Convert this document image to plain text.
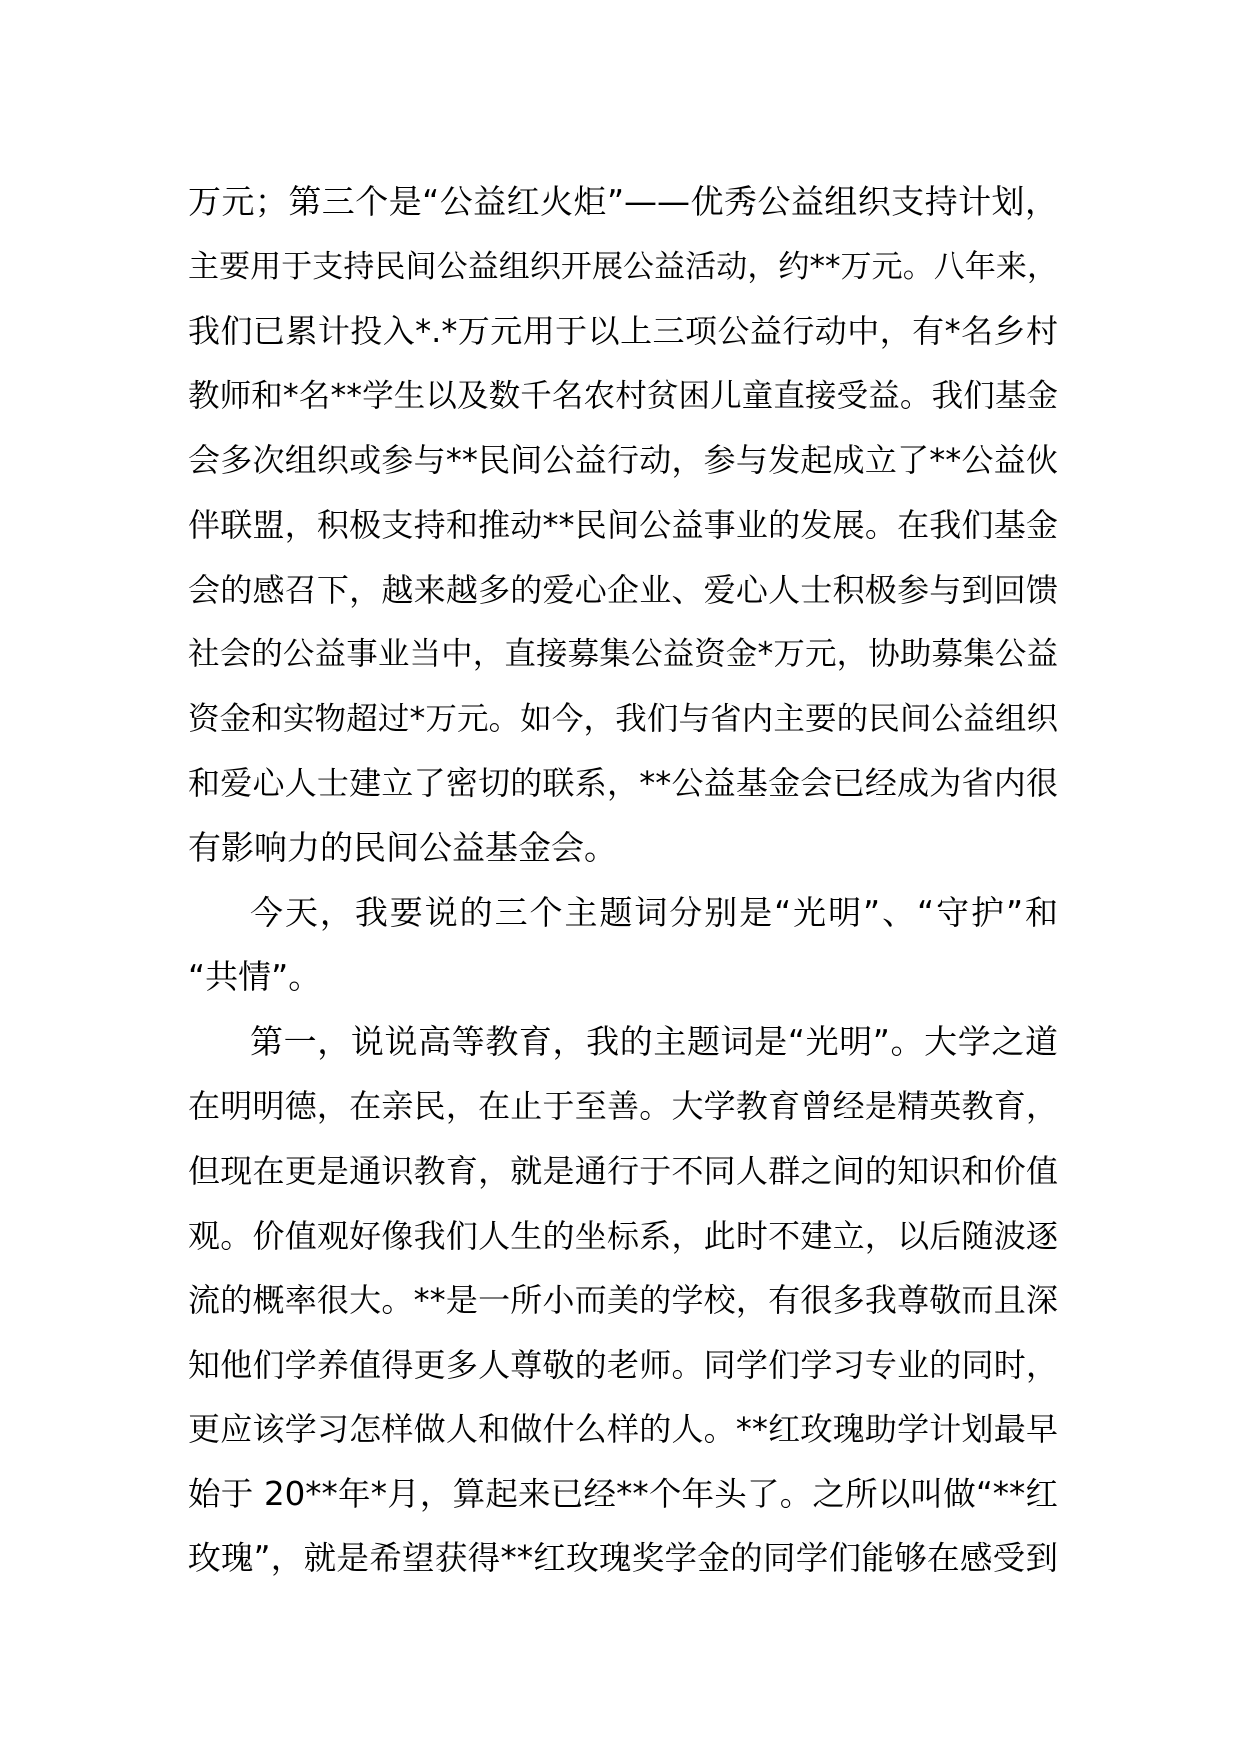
万元；第三个是“公益红火炬”——优秀公益组织支持计划，
主要用于支持民间公益组织开展公益活动，约**万元。八年来，
我们已累计投入*.*万元用于以上三项公益行动中，有*名乡村
教师和*名**学生以及数千名农村贫困儿童直接受益。我们基金
会多次组织或参与**民间公益行动，参与发起成立了**公益伙
伴联盟，积极支持和推动**民间公益事业的发展。在我们基金
会的感召下，越来越多的爱心企业、爱心人士积极参与到回馈
社会的公益事业当中，直接募集公益资金*万元，协助募集公益
资金和实物超过*万元。如今，我们与省内主要的民间公益组织
和爱心人士建立了密切的联系，**公益基金会已经成为省内很
有影响力的民间公益基金会。
今天，我要说的三个主题词分别是“光明”、“守护”和
“共情”。
第一，说说高等教育，我的主题词是“光明”。大学之道
在明明德，在亲民，在止于至善。大学教育曾经是精英教育，
但现在更是通识教育，就是通行于不同人群之间的知识和价值
观。价值观好像我们人生的坐标系，此时不建立，以后随波逐
流的概率很大。**是一所小而美的学校，有很多我尊敬而且深
知他们学养值得更多人尊敬的老师。同学们学习专业的同时，
更应该学习怎样做人和做什么样的人。**红玫瑰助学计划最早
始于 20**年*月，算起来已经**个年头了。之所以叫做“**红
玫瑰”，就是希望获得**红玫瑰奖学金的同学们能够在感受到
